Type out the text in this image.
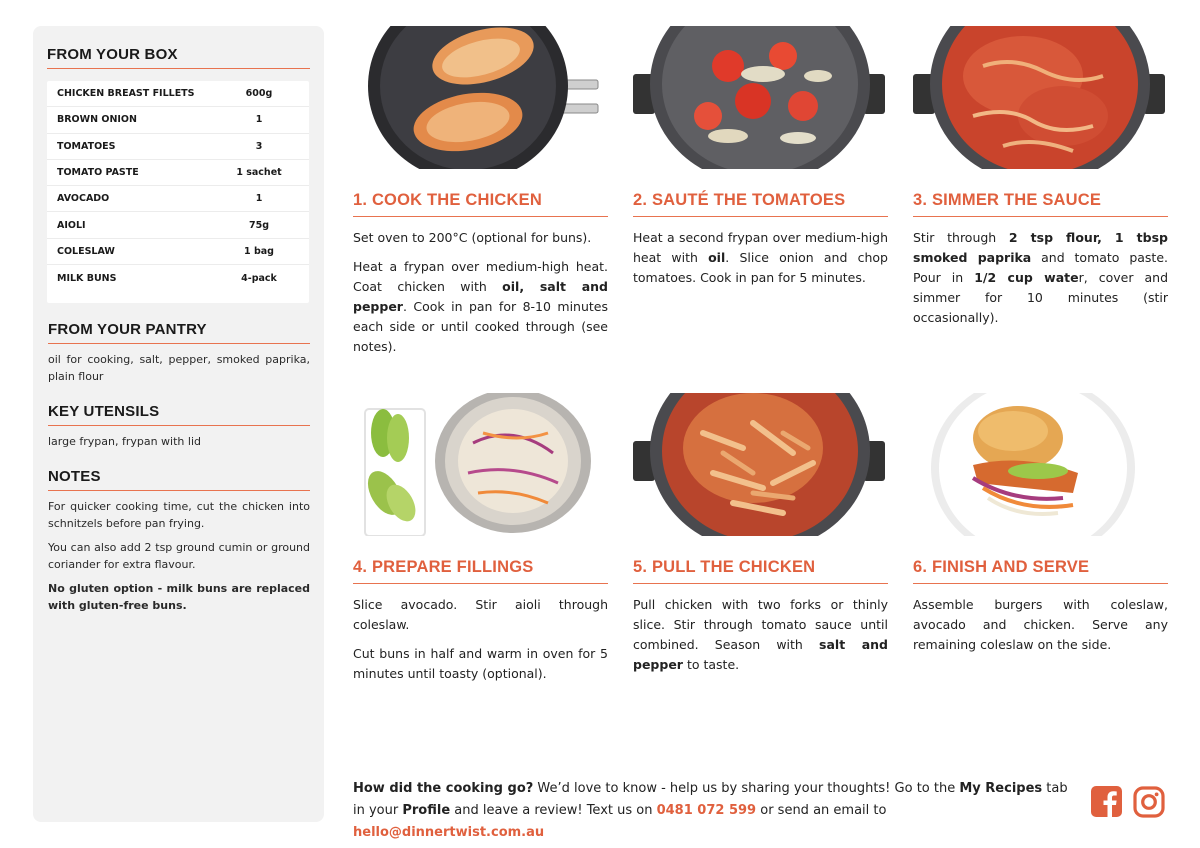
FROM YOUR BOX
CHICKEN BREAST FILLETS	600g
BROWN ONION	1
TOMATOES	3
TOMATO PASTE	1 sachet
AVOCADO	1
AIOLI	75g
COLESLAW	1 bag
MILK BUNS	4-pack
FROM YOUR PANTRY
oil for cooking, salt, pepper, smoked paprika, plain flour
KEY UTENSILS
large frypan, frypan with lid
NOTES

For quicker cooking time, cut the chicken into schnitzels before pan frying.

You can also add 2 tsp ground cumin or ground coriander for extra flavour.

No gluten option - milk buns are replaced with gluten-free buns.

1. COOK THE CHICKEN

Set oven to 200°C (optional for buns).

Heat a frypan over medium-high heat. Coat chicken with oil, salt and pepper. Cook in pan for 8-10 minutes each side or until cooked through (see notes).

2. SAUTÉ THE TOMATOES

Heat a second frypan over medium-high heat with oil. Slice onion and chop tomatoes. Cook in pan for 5 minutes.

3. SIMMER THE SAUCE

Stir through 2 tsp flour, 1 tbsp smoked paprika and tomato paste. Pour in 1/2 cup water, cover and simmer for 10 minutes (stir occasionally).

4. PREPARE FILLINGS

Slice avocado. Stir aioli through coleslaw.

Cut buns in half and warm in oven for 5 minutes until toasty (optional).

5. PULL THE CHICKEN

Pull chicken with two forks or thinly slice. Stir through tomato sauce until combined. Season with salt and pepper to taste.

6. FINISH AND SERVE

Assemble burgers with coleslaw, avocado and chicken. Serve any remaining coleslaw on the side.

How did the cooking go? We’d love to know - help us by sharing your thoughts! Go to the My Recipes tab in your Profile and leave a review! Text us on 0481 072 599 or send an email to hello@dinnertwist.com.au
